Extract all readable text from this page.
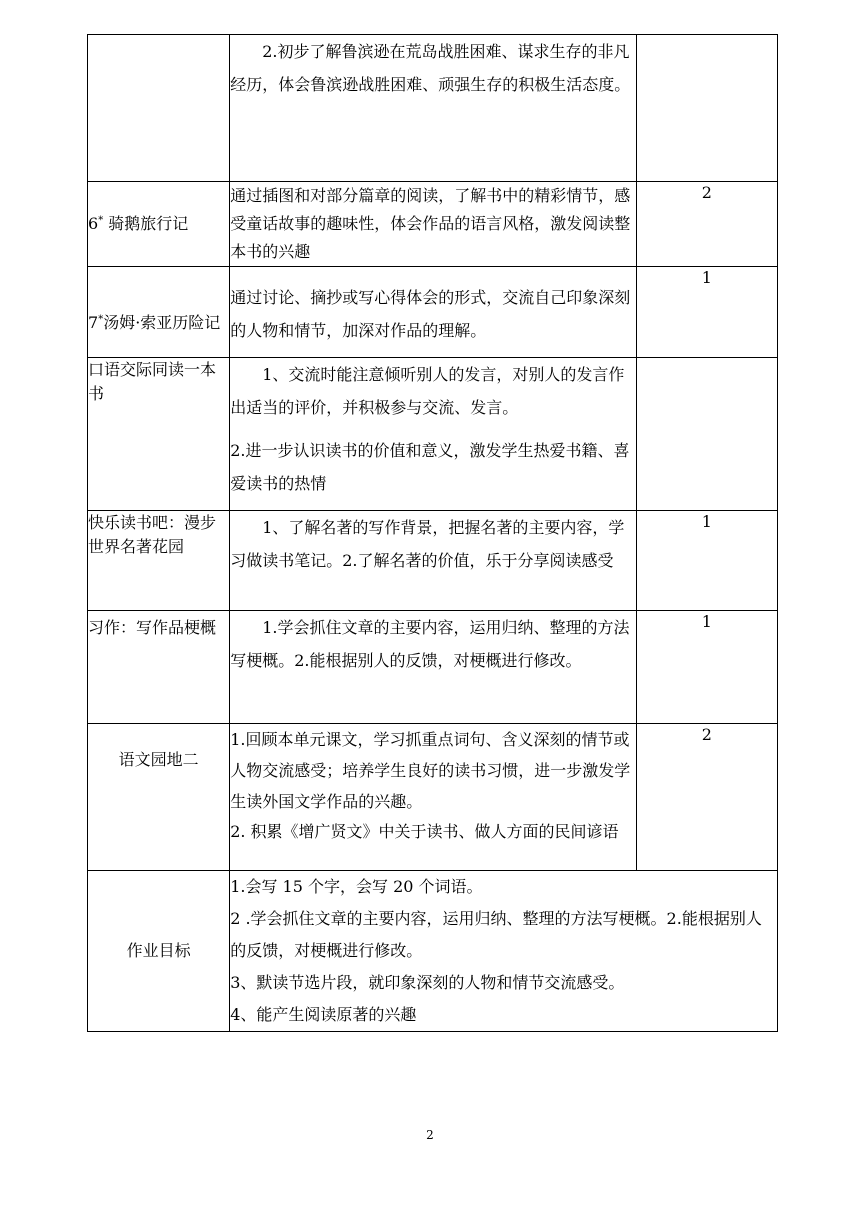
	2.初步了解鲁滨逊在荒岛战胜困难、谋求生存的非凡经历，体会鲁滨逊战胜困难、顽强生存的积极生活态度。	

6* 骑鹅旅行记	通过插图和对部分篇章的阅读，了解书中的精彩情节，感受童话故事的趣味性，体会作品的语言风格，激发阅读整本书的兴趣	2
7*汤姆·索亚历险记	通过讨论、摘抄或写心得体会的形式，交流自己印象深刻的人物和情节，加深对作品的理解。	1
口语交际同读一本书	1、交流时能注意倾听别人的发言，对别人的发言作出适当的评价，并积极参与交流、发言。

2.进一步认识读书的价值和意义，激发学生热爱书籍、喜爱读书的热情	

快乐读书吧：漫步世界名著花园	1、了解名著的写作背景，把握名著的主要内容，学习做读书笔记。2.了解名著的价值，乐于分享阅读感受	1
习作：写作品梗概	1.学会抓住文章的主要内容，运用归纳、整理的方法写梗概。2.能根据别人的反馈，对梗概进行修改。	1
语文园地二	1.回顾本单元课文，学习抓重点词句、含义深刻的情节或人物交流感受；培养学生良好的读书习惯，进一步激发学生读外国文学作品的兴趣。

2. 积累《增广贤文》中关于读书、做人方面的民间谚语	2
作业目标	1.会写 15 个字，会写 20 个词语。

2 .学会抓住文章的主要内容，运用归纳、整理的方法写梗概。2.能根据别人的反馈，对梗概进行修改。

3、默读节选片段，就印象深刻的人物和情节交流感受。

4、能产生阅读原著的兴趣	

2
